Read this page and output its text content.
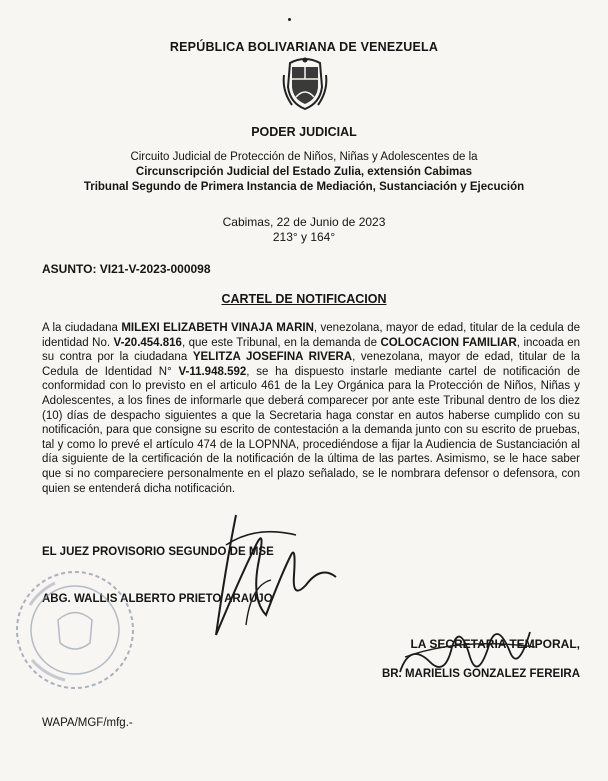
REPÚBLICA BOLIVARIANA DE VENEZUELA
PODER JUDICIAL
Circuito Judicial de Protección de Niños, Niñas y Adolescentes de la
Circunscripción Judicial del Estado Zulia, extensión Cabimas
Tribunal Segundo de Primera Instancia de Mediación, Sustanciación y Ejecución
Cabimas, 22 de Junio de 2023
213° y 164°
ASUNTO: VI21-V-2023-000098
CARTEL DE NOTIFICACION
A la ciudadana MILEXI ELIZABETH VINAJA MARIN, venezolana, mayor de edad, titular de la cedula de identidad No. V-20.454.816, que este Tribunal, en la demanda de COLOCACION FAMILIAR, incoada en su contra por la ciudadana YELITZA JOSEFINA RIVERA, venezolana, mayor de edad, titular de la Cedula de Identidad N° V-11.948.592, se ha dispuesto instarle mediante cartel de notificación de conformidad con lo previsto en el articulo 461 de la Ley Orgánica para la Protección de Niños, Niñas y Adolescentes, a los fines de informarle que deberá comparecer por ante este Tribunal dentro de los diez (10) días de despacho siguientes a que la Secretaria haga constar en autos haberse cumplido con su notificación, para que consigne su escrito de contestación a la demanda junto con su escrito de pruebas, tal y como lo prevé el artículo 474 de la LOPNNA, procediéndose a fijar la Audiencia de Sustanciación al día siguiente de la certificación de la notificación de la última de las partes. Asimismo, se le hace saber que si no compareciere personalmente en el plazo señalado, se le nombrara defensor o defensora, con quien se entenderá dicha notificación.
EL JUEZ PROVISORIO SEGUNDO DE MSE
ABG. WALLIS ALBERTO PRIETO ARAUJO
LA SECRETARIA TEMPORAL,
BR. MARIELIS GONZALEZ FEREIRA
WAPA/MGF/mfg.-
